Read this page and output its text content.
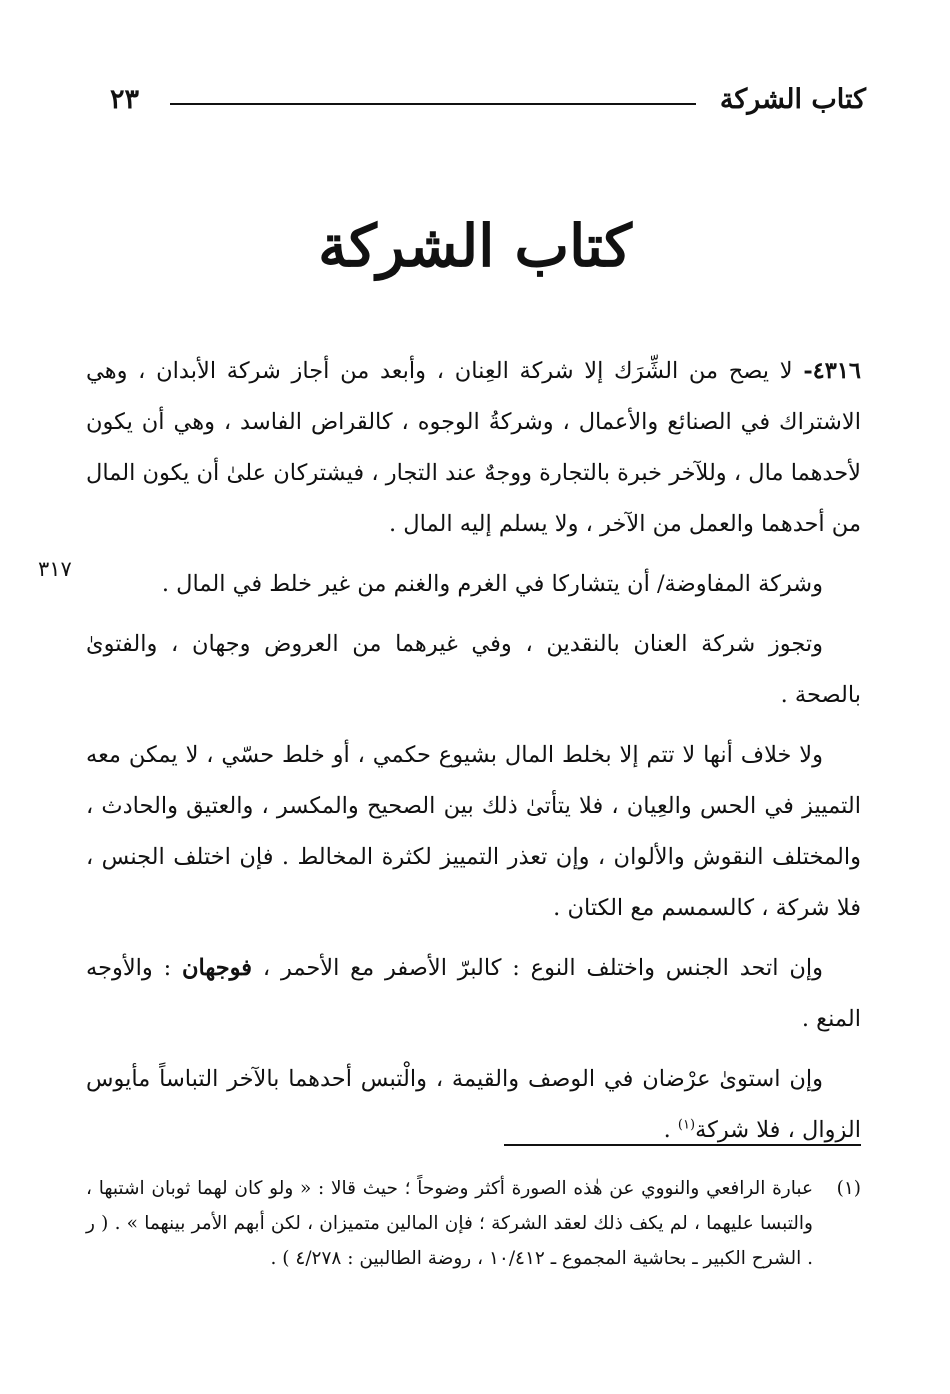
كتاب الشركة
٢٣
كتاب الشركة
٣١٧

٤٣١٦- لا يصح من الشِّرَك إلا شركة العِنان ، وأبعد من أجاز شركة الأبدان ، وهي الاشتراك في الصنائع والأعمال ، وشركةُ الوجوه ، كالقراض الفاسد ، وهي أن يكون لأحدهما مال ، وللآخر خبرة بالتجارة ووجهٌ عند التجار ، فيشتركان علىٰ أن يكون المال من أحدهما والعمل من الآخر ، ولا يسلم إليه المال .

وشركة المفاوضة/ أن يتشاركا في الغرم والغنم من غير خلط في المال .

وتجوز شركة العنان بالنقدين ، وفي غيرهما من العروض وجهان ، والفتوىٰ بالصحة .

ولا خلاف أنها لا تتم إلا بخلط المال بشيوع حكمي ، أو خلط حسّي ، لا يمكن معه التمييز في الحس والعِيان ، فلا يتأتىٰ ذلك بين الصحيح والمكسر ، والعتيق والحادث ، والمختلف النقوش والألوان ، وإن تعذر التمييز لكثرة المخالط . فإن اختلف الجنس ، فلا شركة ، كالسمسم مع الكتان .

وإن اتحد الجنس واختلف النوع : كالبرّ الأصفر مع الأحمر ، فوجهان : والأوجه المنع .

وإن استوىٰ عرْضان في الوصف والقيمة ، والْتبس أحدهما بالآخر التباساً مأيوس الزوال ، فلا شركة$^{(١)}$ .

(١)
عبارة الرافعي والنووي عن هٰذه الصورة أكثر وضوحاً ؛ حيث قالا : « ولو كان لهما ثوبان اشتبها ، والتبسا عليهما ، لم يكف ذلك لعقد الشركة ؛ فإن المالين متميزان ، لكن أبهم الأمر بينهما » . ( ر . الشرح الكبير ـ بحاشية المجموع ـ ١٠/٤١٢ ، روضة الطالبين : ٤/٢٧٨ ) .
